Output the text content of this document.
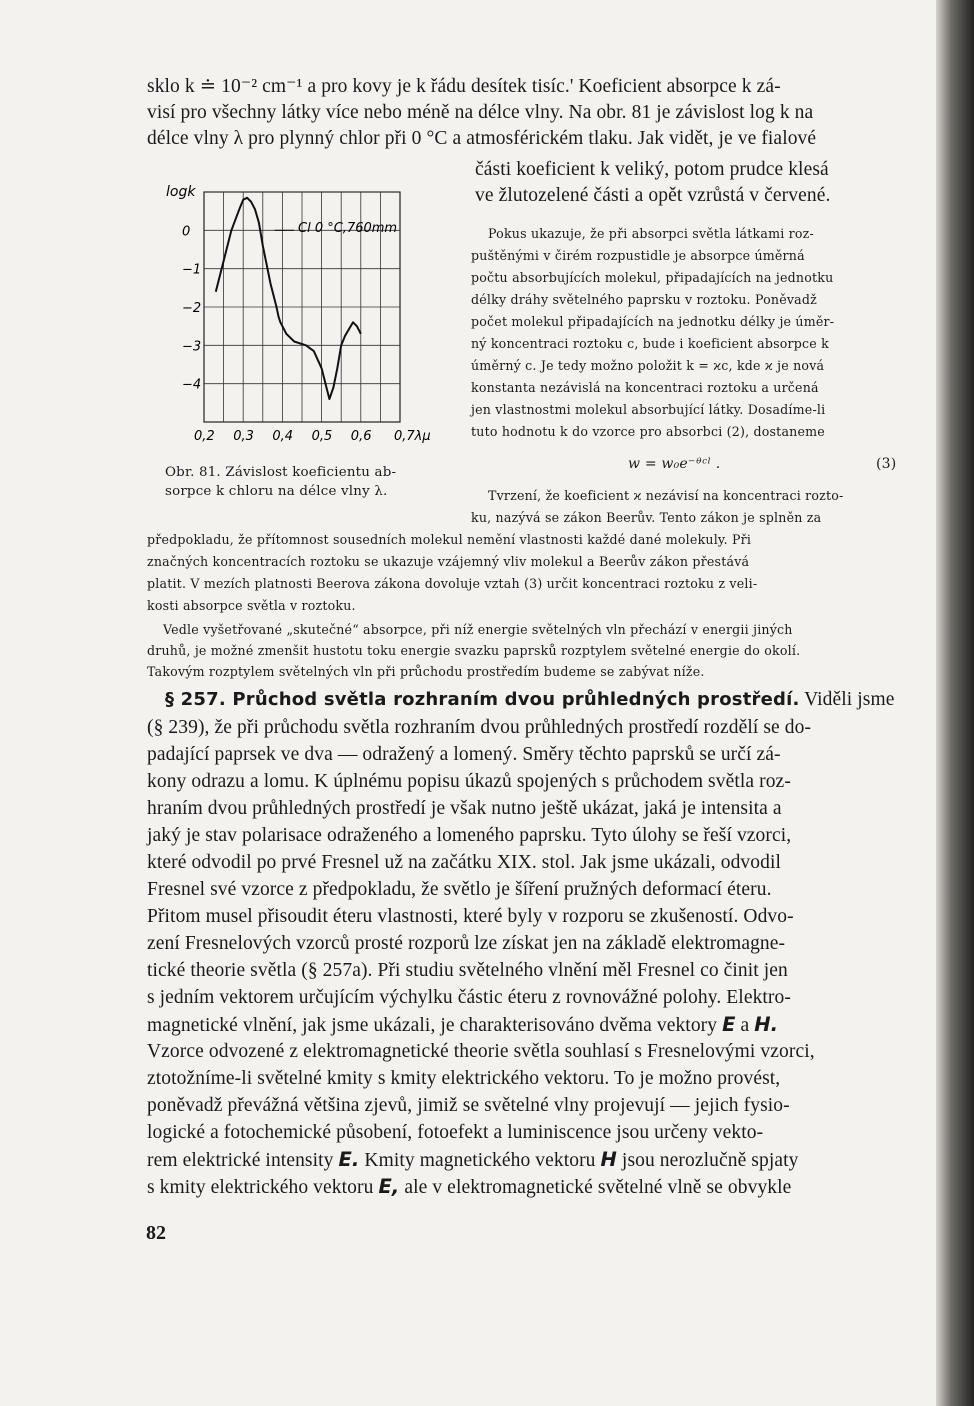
sklo k ≐ 10⁻² cm⁻¹ a pro kovy je k řádu desítek tisíc.' Koeficient absorpce k zá-
visí pro všechny látky více nebo méně na délce vlny. Na obr. 81 je závislost log k na
délce vlny λ pro plynný chlor při 0 °C a atmosférickém tlaku. Jak vidět, je ve fialové
části koeficient k veliký, potom prudce klesá
ve žlutozelené části a opět vzrůstá v červené.
0,2 0,3 0,4 0,5 0,6 0,7λμ
0
−1
−2
−3
−4
logk
Cl 0 °C,760mm
Obr. 81. Závislost koeficientu ab-
sorpce k chloru na délce vlny λ.
Pokus ukazuje, že při absorpci světla látkami roz-
puštěnými v čirém rozpustidle je absorpce úměrná
počtu absorbujících molekul, připadajících na jednotku
délky dráhy světelného paprsku v roztoku. Poněvadž
počet molekul připadajících na jednotku délky je úměr-
ný koncentraci roztoku c, bude i koeficient absorpce k
úměrný c. Je tedy možno položit k = ϰc, kde ϰ je nová
konstanta nezávislá na koncentraci roztoku a určená
jen vlastnostmi molekul absorbující látky. Dosadíme-li
tuto hodnotu k do vzorce pro absorbci (2), dostaneme
w = w₀e⁻ᶿᶜˡ .	(3)
Tvrzení, že koeficient ϰ nezávisí na koncentraci rozto-
ku, nazývá se zákon Beerův. Tento zákon je splněn za
předpokladu, že přítomnost sousedních molekul nemění vlastnosti každé dané molekuly. Při
značných koncentracích roztoku se ukazuje vzájemný vliv molekul a Beerův zákon přestává
platit. V mezích platnosti Beerova zákona dovoluje vztah (3) určit koncentraci roztoku z veli-
kosti absorpce světla v roztoku.
Vedle vyšetřované „skutečné“ absorpce, při níž energie světelných vln přechází v energii jiných
druhů, je možné zmenšit hustotu toku energie svazku paprsků rozptylem světelné energie do okolí.
Takovým rozptylem světelných vln při průchodu prostředím budeme se zabývat níže.
§ 257. Průchod světla rozhraním dvou průhledných prostředí. Viděli jsme
(§ 239), že při průchodu světla rozhraním dvou průhledných prostředí rozdělí se do-
padající paprsek ve dva — odražený a lomený. Směry těchto paprsků se určí zá-
kony odrazu a lomu. K úplnému popisu úkazů spojených s průchodem světla roz-
hraním dvou průhledných prostředí je však nutno ještě ukázat, jaká je intensita a
jaký je stav polarisace odraženého a lomeného paprsku. Tyto úlohy se řeší vzorci,
které odvodil po prvé Fresnel už na začátku XIX. stol. Jak jsme ukázali, odvodil
Fresnel své vzorce z předpokladu, že světlo je šíření pružných deformací éteru.
Přitom musel přisoudit éteru vlastnosti, které byly v rozporu se zkušeností. Odvo-
zení Fresnelových vzorců prosté rozporů lze získat jen na základě elektromagne-
tické theorie světla (§ 257a). Při studiu světelného vlnění měl Fresnel co činit jen
s jedním vektorem určujícím výchylku částic éteru z rovnovážné polohy. Elektro-
magnetické vlnění, jak jsme ukázali, je charakterisováno dvěma vektory E a H.
Vzorce odvozené z elektromagnetické theorie světla souhlasí s Fresnelovými vzorci,
ztotožníme-li světelné kmity s kmity elektrického vektoru. To je možno provést,
poněvadž převážná většina zjevů, jimiž se světelné vlny projevují — jejich fysio-
logické a fotochemické působení, fotoefekt a luminiscence jsou určeny vekto-
rem elektrické intensity E. Kmity magnetického vektoru H jsou nerozlučně spjaty
s kmity elektrického vektoru E, ale v elektromagnetické světelné vlně se obvykle
82
